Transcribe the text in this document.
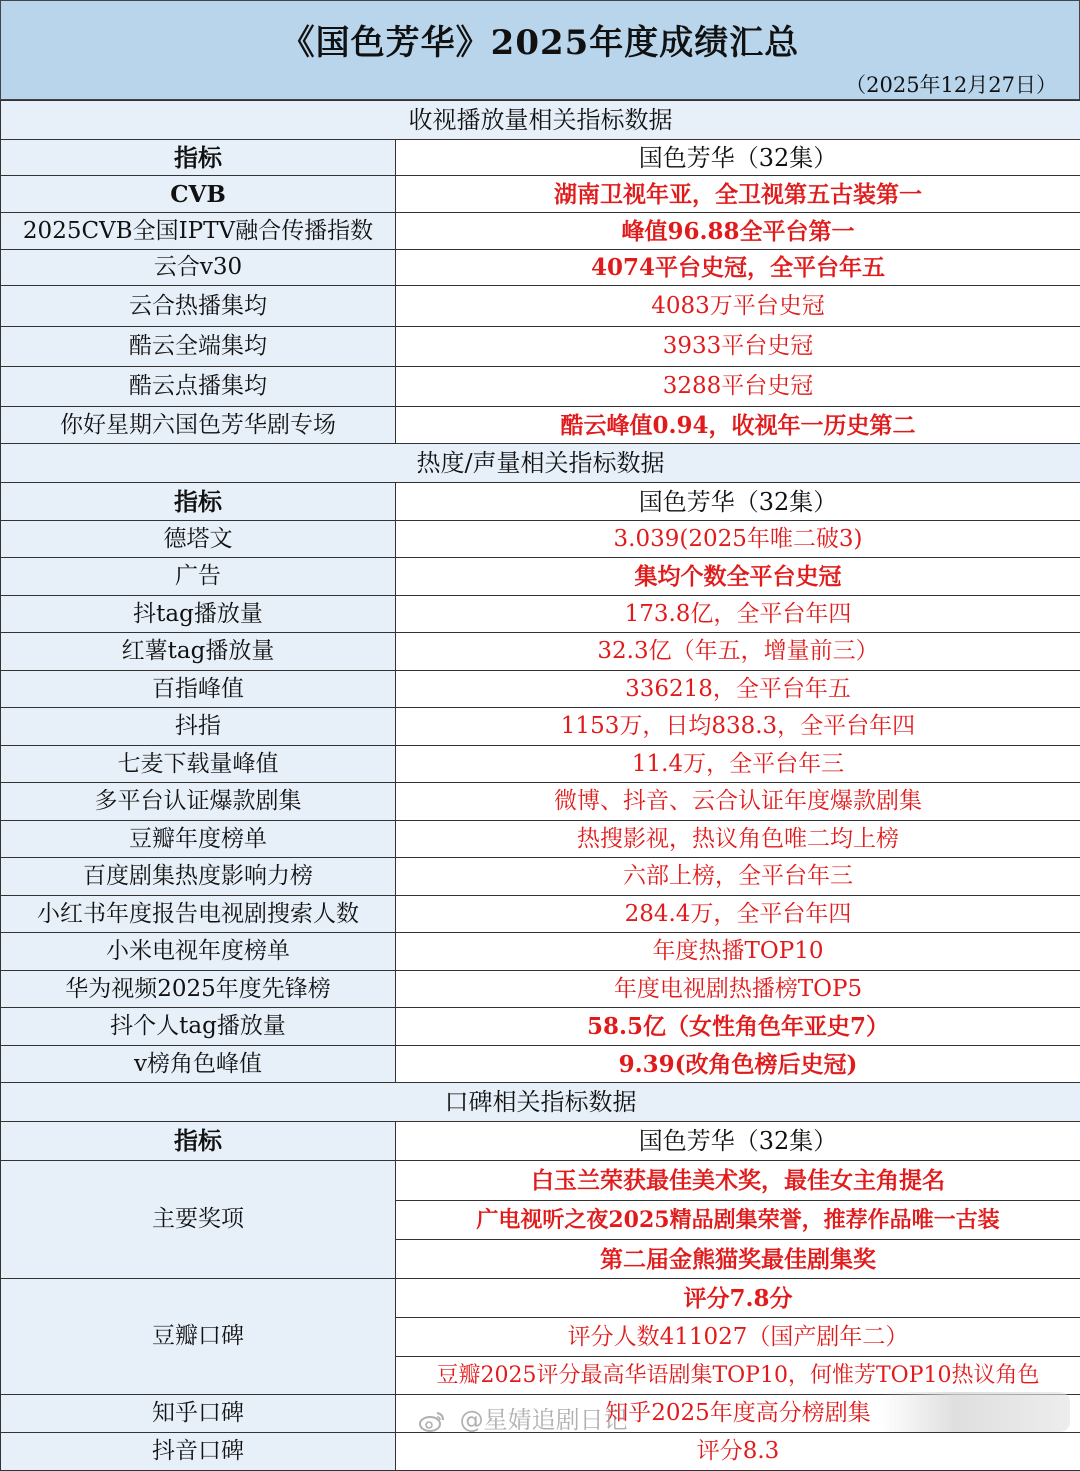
《国色芳华》2025年度成绩汇总
（2025年12月27日）
收视播放量相关指标数据	
指标	国色芳华（32集）
CVB	湖南卫视年亚，全卫视第五古装第一
2025CVB全国IPTV融合传播指数	峰值96.88全平台第一
云合v30	4074平台史冠，全平台年五
云合热播集均	4083万平台史冠
酷云全端集均	3933平台史冠
酷云点播集均	3288平台史冠
你好星期六国色芳华剧专场	酷云峰值0.94，收视年一历史第二
热度/声量相关指标数据	
指标	国色芳华（32集）
德塔文	3.039(2025年唯二破3)
广告	集均个数全平台史冠
抖tag播放量	173.8亿，全平台年四
红薯tag播放量	32.3亿（年五，增量前三）
百指峰值	336218，全平台年五
抖指	1153万，日均838.3，全平台年四
七麦下载量峰值	11.4万，全平台年三
多平台认证爆款剧集	微博、抖音、云合认证年度爆款剧集
豆瓣年度榜单	热搜影视，热议角色唯二均上榜
百度剧集热度影响力榜	六部上榜，全平台年三
小红书年度报告电视剧搜索人数	284.4万，全平台年四
小米电视年度榜单	年度热播TOP10
华为视频2025年度先锋榜	年度电视剧热播榜TOP5
抖个人tag播放量	58.5亿（女性角色年亚史7）
v榜角色峰值	9.39(改角色榜后史冠)
口碑相关指标数据	
指标	国色芳华（32集）
主要奖项	白玉兰荣获最佳美术奖，最佳女主角提名
	广电视听之夜2025精品剧集荣誉，推荐作品唯一古装
	第二届金熊猫奖最佳剧集奖
豆瓣口碑	评分7.8分
	评分人数411027（国产剧年二）
	豆瓣2025评分最高华语剧集TOP10，何惟芳TOP10热议角色
知乎口碑	知乎2025年度高分榜剧集
抖音口碑	评分8.3
@星婧追剧日记
